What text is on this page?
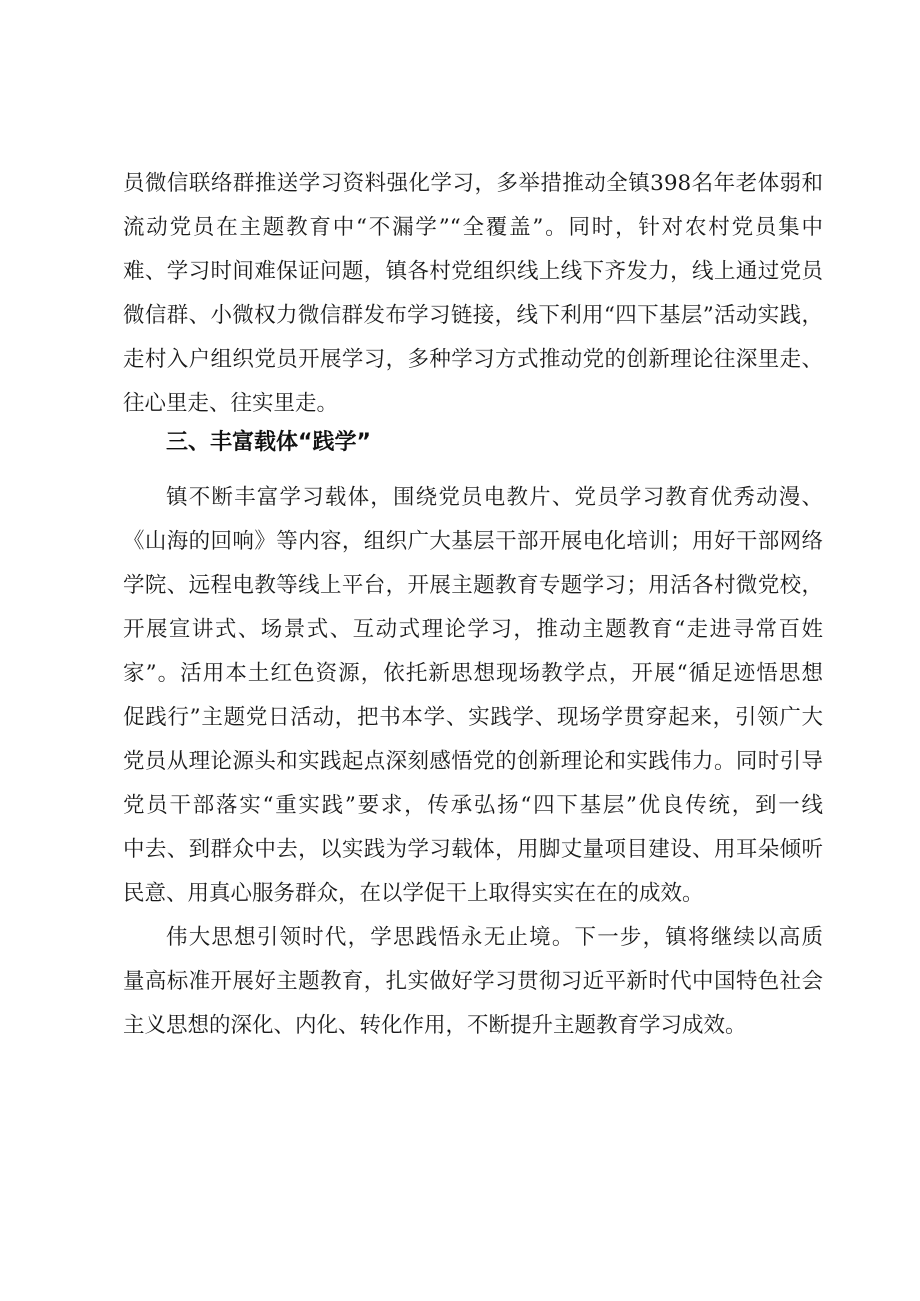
员微信联络群推送学习资料强化学习，多举措推动全镇398名年老体弱和
流动党员在主题教育中“不漏学”“全覆盖”。同时，针对农村党员集中
难、学习时间难保证问题，镇各村党组织线上线下齐发力，线上通过党员
微信群、小微权力微信群发布学习链接，线下利用“四下基层”活动实践，
走村入户组织党员开展学习，多种学习方式推动党的创新理论往深里走、
往心里走、往实里走。
三、丰富载体“践学”
镇不断丰富学习载体，围绕党员电教片、党员学习教育优秀动漫、
《山海的回响》等内容，组织广大基层干部开展电化培训；用好干部网络
学院、远程电教等线上平台，开展主题教育专题学习；用活各村微党校，
开展宣讲式、场景式、互动式理论学习，推动主题教育“走进寻常百姓
家”。活用本土红色资源，依托新思想现场教学点，开展“循足迹悟思想
促践行”主题党日活动，把书本学、实践学、现场学贯穿起来，引领广大
党员从理论源头和实践起点深刻感悟党的创新理论和实践伟力。同时引导
党员干部落实“重实践”要求，传承弘扬“四下基层”优良传统，到一线
中去、到群众中去，以实践为学习载体，用脚丈量项目建设、用耳朵倾听
民意、用真心服务群众，在以学促干上取得实实在在的成效。
伟大思想引领时代，学思践悟永无止境。下一步，镇将继续以高质
量高标准开展好主题教育，扎实做好学习贯彻习近平新时代中国特色社会
主义思想的深化、内化、转化作用，不断提升主题教育学习成效。
